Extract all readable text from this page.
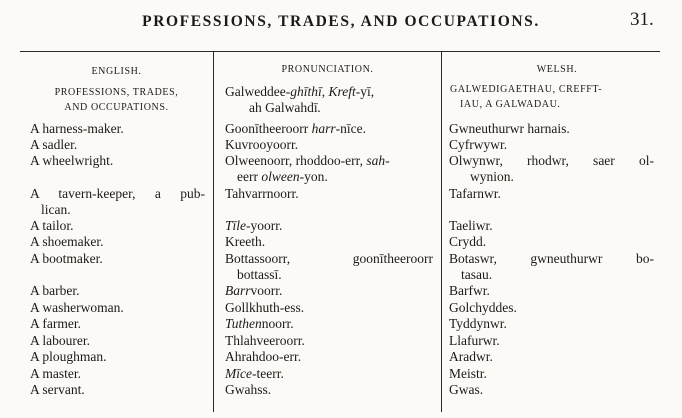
PROFESSIONS, TRADES, AND OCCUPATIONS.	31.
ENGLISH.
PROFESSIONS, TRADES,
AND OCCUPATIONS.
PRONUNCIATION.
Galweddee-ghīthī, Kreft-yī,
ah Galwahdī.
WELSH.
GALWEDIGAETHAU, CREFFT-
IAU, A GALWADAU.
A harness-maker.
A sadler.
A wheelwright.
A tavern-keeper, a pub-
lican.
A tailor.
A shoemaker.
A bootmaker.
A barber.
A washerwoman.
A farmer.
A labourer.
A ploughman.
A master.
A servant.
Goonītheeroorr harr-nīce.
Kuvrooyoorr.
Olweenoorr, rhoddoo-err, sah-
eerr olween-yon.
Tahvarrnoorr.
Tīle-yoorr.
Kreeth.
Bottassoorr,	goonītheeroorr
bottassī.
Barrvoorr.
Gollkhuth-ess.
Tuthennoorr.
Thlahveeroorr.
Ahrahdoo-err.
Mīce-teerr.
Gwahss.
Gwneuthurwr harnais.
Cyfrwywr.
Olwynwr, rhodwr, saer ol-
wynion.
Tafarnwr.
Taeliwr.
Crydd.
Botaswr, gwneuthurwr bo-
tasau.
Barfwr.
Golchyddes.
Tyddynwr.
Llafurwr.
Aradwr.
Meistr.
Gwas.
